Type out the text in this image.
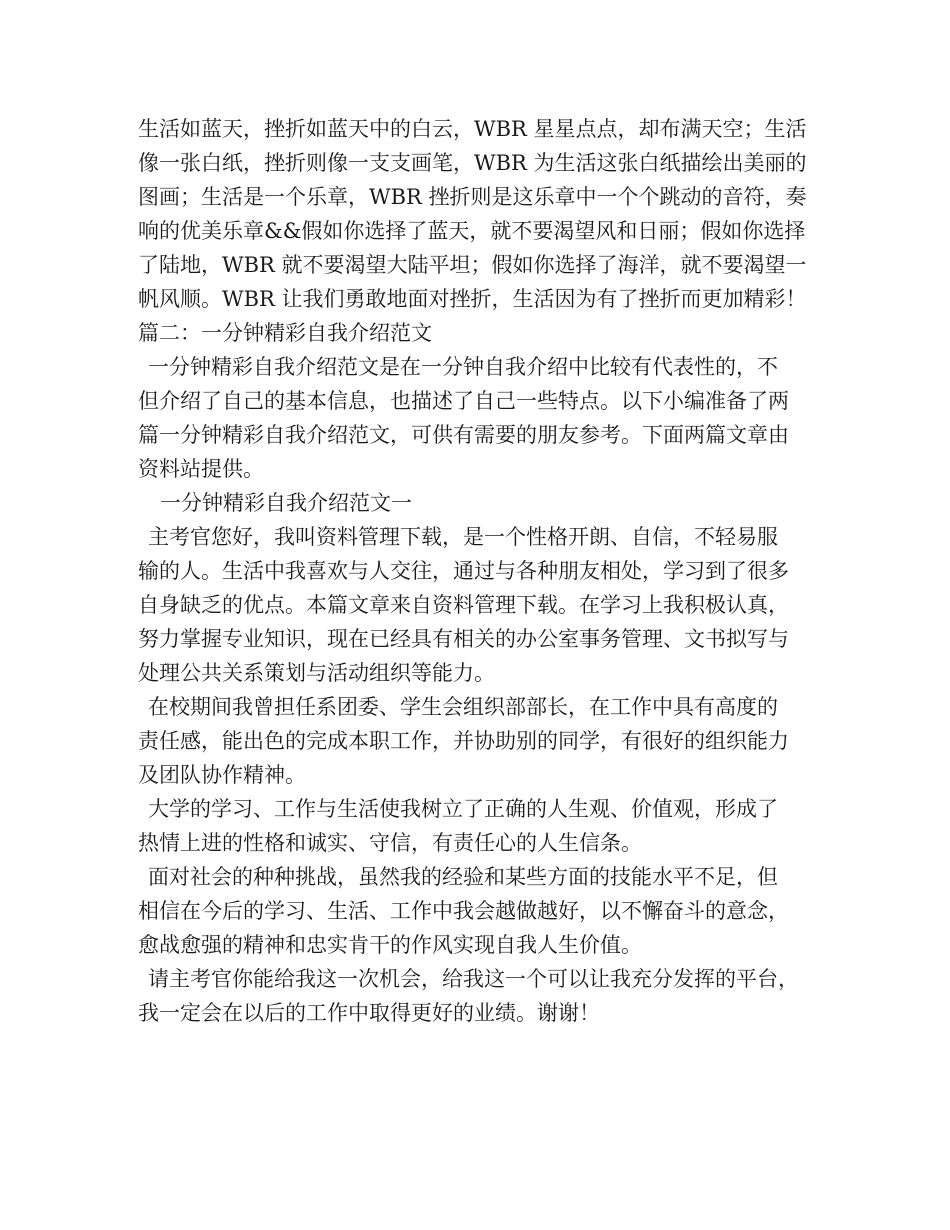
生活如蓝天，挫折如蓝天中的白云，WBR 星星点点，却布满天空；生活
像一张白纸，挫折则像一支支画笔，WBR 为生活这张白纸描绘出美丽的
图画；生活是一个乐章，WBR 挫折则是这乐章中一个个跳动的音符，奏
响的优美乐章&&假如你选择了蓝天，就不要渴望风和日丽；假如你选择
了陆地，WBR 就不要渴望大陆平坦；假如你选择了海洋，就不要渴望一
帆风顺。WBR 让我们勇敢地面对挫折，生活因为有了挫折而更加精彩！
篇二：一分钟精彩自我介绍范文
一分钟精彩自我介绍范文是在一分钟自我介绍中比较有代表性的，不
但介绍了自己的基本信息，也描述了自己一些特点。以下小编准备了两
篇一分钟精彩自我介绍范文，可供有需要的朋友参考。下面两篇文章由
资料站提供。
一分钟精彩自我介绍范文一
主考官您好，我叫资料管理下载，是一个性格开朗、自信，不轻易服
输的人。生活中我喜欢与人交往，通过与各种朋友相处，学习到了很多
自身缺乏的优点。本篇文章来自资料管理下载。在学习上我积极认真，
努力掌握专业知识，现在已经具有相关的办公室事务管理、文书拟写与
处理公共关系策划与活动组织等能力。
在校期间我曾担任系团委、学生会组织部部长，在工作中具有高度的
责任感，能出色的完成本职工作，并协助别的同学，有很好的组织能力
及团队协作精神。
大学的学习、工作与生活使我树立了正确的人生观、价值观，形成了
热情上进的性格和诚实、守信，有责任心的人生信条。
面对社会的种种挑战，虽然我的经验和某些方面的技能水平不足，但
相信在今后的学习、生活、工作中我会越做越好，以不懈奋斗的意念，
愈战愈强的精神和忠实肯干的作风实现自我人生价值。
请主考官你能给我这一次机会，给我这一个可以让我充分发挥的平台，
我一定会在以后的工作中取得更好的业绩。谢谢！
